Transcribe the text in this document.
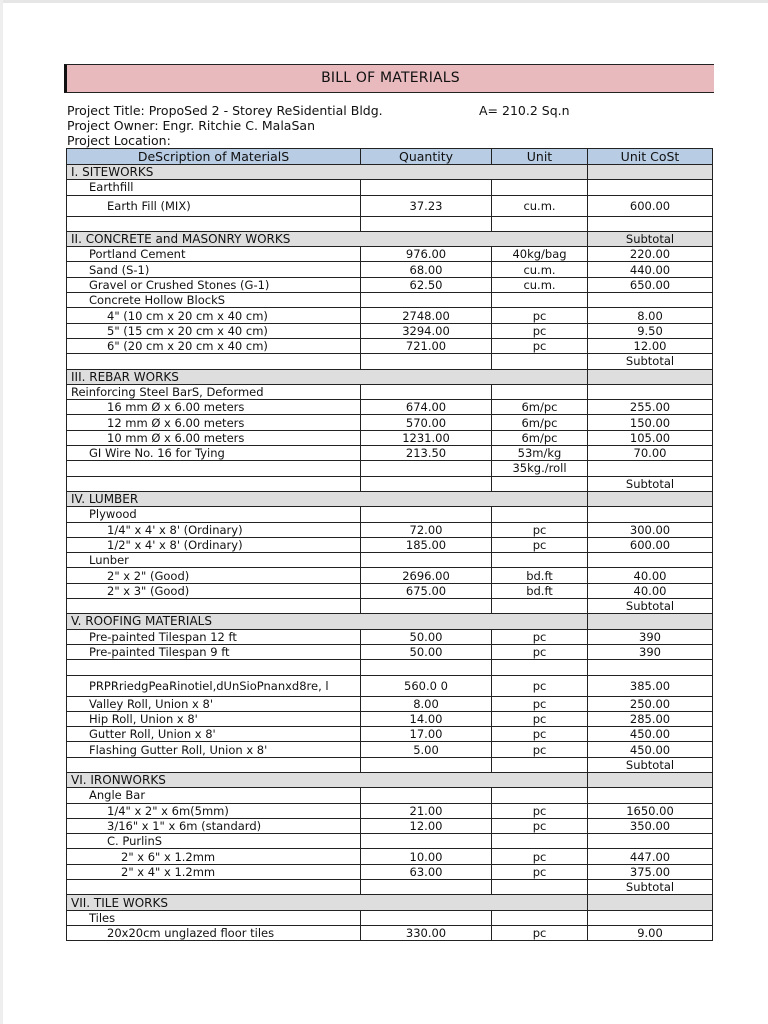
BILL OF MATERIALS
Project Title: PropoSed 2 - Storey ReSidential Bldg.	A= 210.2 Sq.n
Project Owner: Engr. Ritchie C. MalaSan
Project Location:
DeScription of MaterialS	Quantity	Unit	Unit CoSt
I. SITEWORKS			
Earthfill			
Earth Fill (MIX)	37.23	cu.m.	600.00

II. CONCRETE and MASONRY WORKS			Subtotal
Portland Cement	976.00	40kg/bag	220.00
Sand (S-1)	68.00	cu.m.	440.00
Gravel or Crushed Stones (G-1)	62.50	cu.m.	650.00
Concrete Hollow BlockS			
4" (10 cm x 20 cm x 40 cm)	2748.00	pc	8.00
5" (15 cm x 20 cm x 40 cm)	3294.00	pc	9.50
6" (20 cm x 20 cm x 40 cm)	721.00	pc	12.00
			Subtotal
III. REBAR WORKS			
Reinforcing Steel BarS, Deformed			
16 mm Ø x 6.00 meters	674.00	6m/pc	255.00
12 mm Ø x 6.00 meters	570.00	6m/pc	150.00
10 mm Ø x 6.00 meters	1231.00	6m/pc	105.00
GI Wire No. 16 for Tying	213.50	53m/kg	70.00
		35kg./roll	
			Subtotal
IV. LUMBER			
Plywood			
1/4" x 4' x 8' (Ordinary)	72.00	pc	300.00
1/2" x 4' x 8' (Ordinary)	185.00	pc	600.00
Lunber			
2" x 2" (Good)	2696.00	bd.ft	40.00
2" x 3" (Good)	675.00	bd.ft	40.00
			Subtotal
V. ROOFING MATERIALS			
Pre-painted Tilespan 12 ft	50.00	pc	390
Pre-painted Tilespan 9 ft	50.00	pc	390

PRPRriedgPeaRinotiel,dUnSioPnanxd8re, l	560.0 0	pc	385.00
Valley Roll, Union x 8'	8.00	pc	250.00
Hip Roll, Union x 8'	14.00	pc	285.00
Gutter Roll, Union x 8'	17.00	pc	450.00
Flashing Gutter Roll, Union x 8'	5.00	pc	450.00
			Subtotal
VI. IRONWORKS			
Angle Bar			
1/4" x 2" x 6m(5mm)	21.00	pc	1650.00
3/16" x 1" x 6m (standard)	12.00	pc	350.00
C. PurlinS			
2" x 6" x 1.2mm	10.00	pc	447.00
2" x 4" x 1.2mm	63.00	pc	375.00
			Subtotal
VII. TILE WORKS			
Tiles			
20x20cm unglazed floor tiles	330.00	pc	9.00
